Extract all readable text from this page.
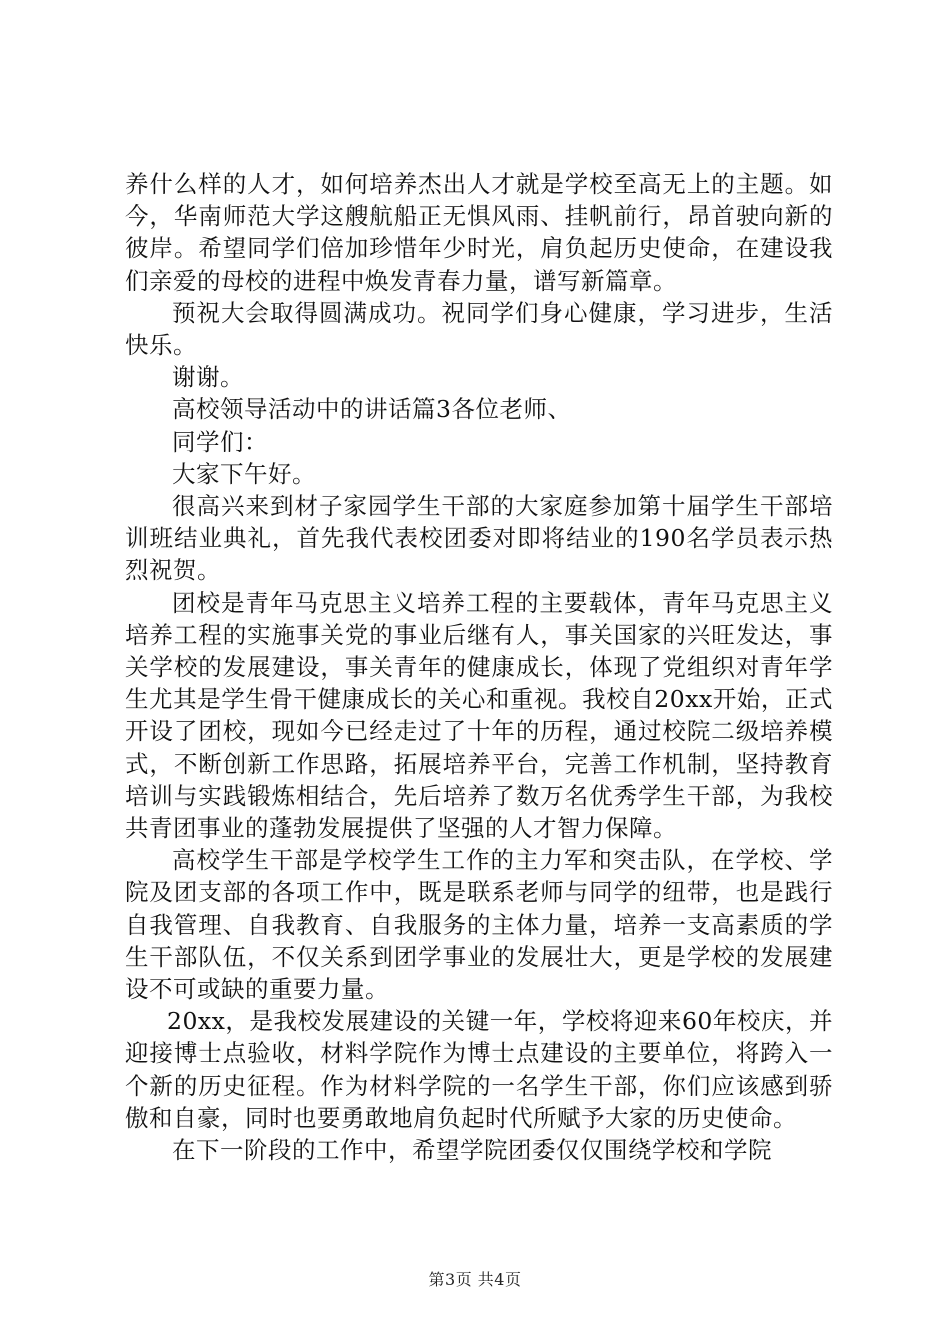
养什么样的人才，如何培养杰出人才就是学校至高无上的主题。如今，华南师范大学这艘航船正无惧风雨、挂帆前行，昂首驶向新的彼岸。希望同学们倍加珍惜年少时光，肩负起历史使命，在建设我们亲爱的母校的进程中焕发青春力量，谱写新篇章。

预祝大会取得圆满成功。祝同学们身心健康，学习进步，生活快乐。

谢谢。

高校领导活动中的讲话篇3各位老师、

同学们：

大家下午好。

很高兴来到材子家园学生干部的大家庭参加第十届学生干部培训班结业典礼，首先我代表校团委对即将结业的190名学员表示热烈祝贺。

团校是青年马克思主义培养工程的主要载体，青年马克思主义培养工程的实施事关党的事业后继有人，事关国家的兴旺发达，事关学校的发展建设，事关青年的健康成长，体现了党组织对青年学生尤其是学生骨干健康成长的关心和重视。我校自20xx开始，正式开设了团校，现如今已经走过了十年的历程，通过校院二级培养模式，不断创新工作思路，拓展培养平台，完善工作机制，坚持教育培训与实践锻炼相结合，先后培养了数万名优秀学生干部，为我校共青团事业的蓬勃发展提供了坚强的人才智力保障。

高校学生干部是学校学生工作的主力军和突击队，在学校、学院及团支部的各项工作中，既是联系老师与同学的纽带，也是践行自我管理、自我教育、自我服务的主体力量，培养一支高素质的学生干部队伍，不仅关系到团学事业的发展壮大，更是学校的发展建设不可或缺的重要力量。

20xx，是我校发展建设的关键一年，学校将迎来60年校庆，并迎接博士点验收，材料学院作为博士点建设的主要单位，将跨入一个新的历史征程。作为材料学院的一名学生干部，你们应该感到骄傲和自豪，同时也要勇敢地肩负起时代所赋予大家的历史使命。

在下一阶段的工作中，希望学院团委仅仅围绕学校和学院

第3页 共4页
